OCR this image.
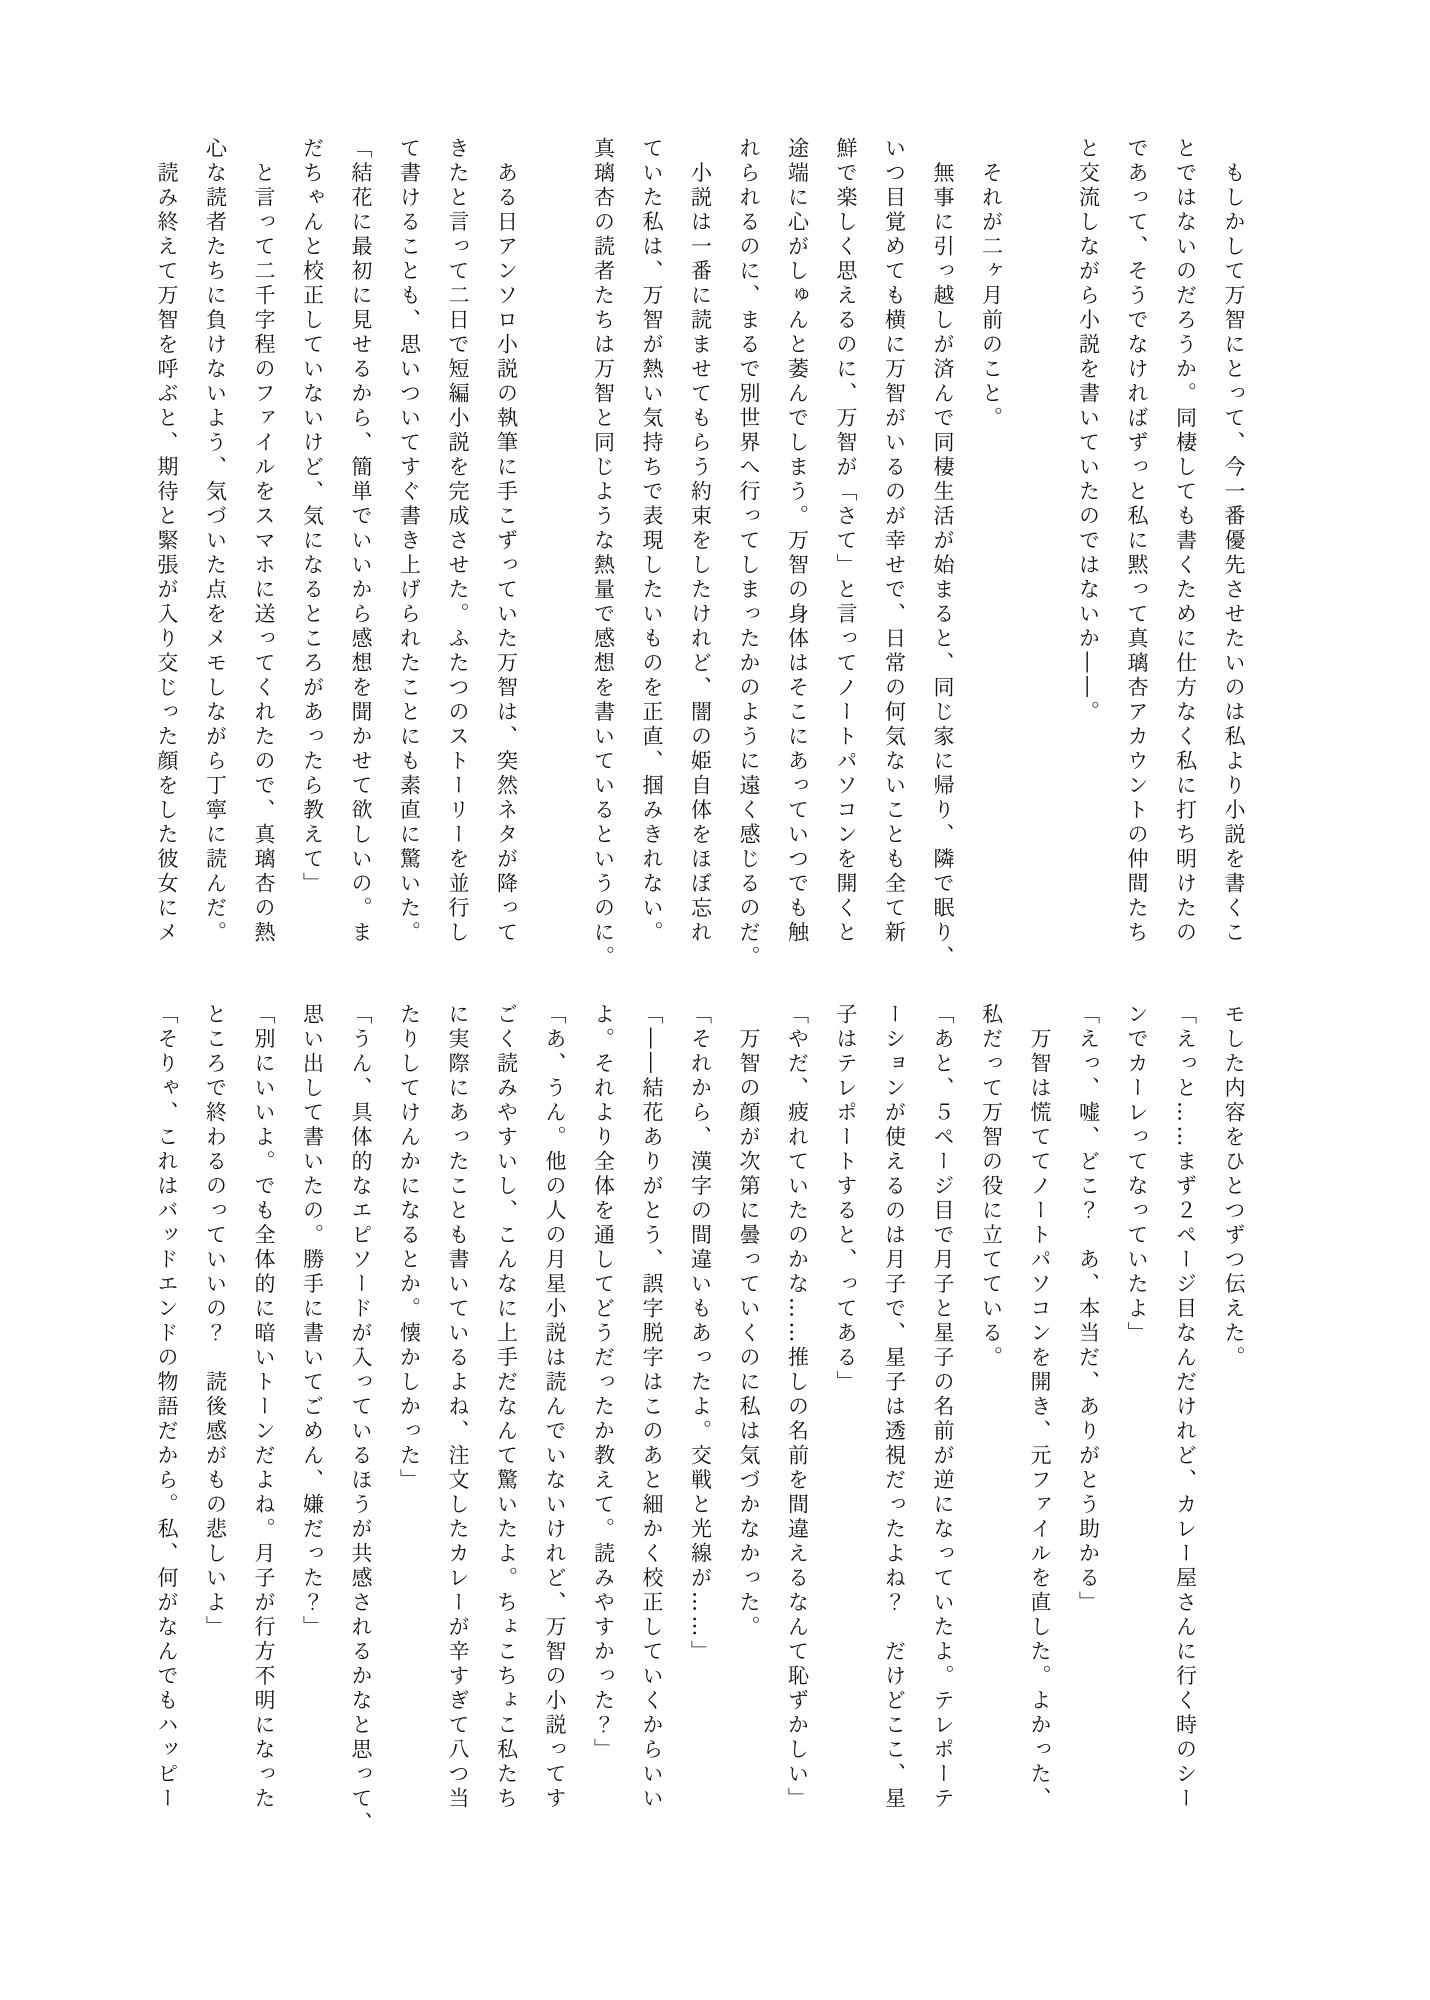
　もしかして万智にとって、今一番優先させたいのは私より小説を書くこ ​
とではないのだろうか。同棲しても書くために仕方なく私に打ち明けたの ​
であって、そうでなければずっと私に黙って真璃杏アカウントの仲間たち ​
と交流しながら小説を書いていたのではないか――。 ​
​
　それが二ヶ月前のこと。 ​
　無事に引っ越しが済んで同棲生活が始まると、同じ家に帰り、隣で眠り、 ​
いつ目覚めても横に万智がいるのが幸せで、日常の何気ないことも全て新 ​
鮮で楽しく思えるのに、万智が「さて」と言ってノートパソコンを開くと ​
途端に心がしゅんと萎んでしまう。万智の身体はそこにあっていつでも触 ​
れられるのに、まるで別世界へ行ってしまったかのように遠く感じるのだ。 ​
　小説は一番に読ませてもらう約束をしたけれど、闇の姫自体をほぼ忘れ ​
ていた私は、万智が熱い気持ちで表現したいものを正直、掴みきれない。 ​
真璃杏の読者たちは万智と同じような熱量で感想を書いているというのに。 ​
​
　ある日アンソロ小説の執筆に手こずっていた万智は、突然ネタが降って ​
きたと言って二日で短編小説を完成させた。ふたつのストーリーを並行し ​
て書けることも、思いついてすぐ書き上げられたことにも素直に驚いた。 ​
「結花に最初に見せるから、簡単でいいから感想を聞かせて欲しいの。ま ​
だちゃんと校正していないけど、気になるところがあったら教えて」 ​
　と言って二千字程のファイルをスマホに送ってくれたので、真璃杏の熱 ​
心な読者たちに負けないよう、気づいた点をメモしながら丁寧に読んだ。 ​
　読み終えて万智を呼ぶと、期待と緊張が入り交じった顔をした彼女にメ ​
モした内容をひとつずつ伝えた。 ​
「えっと……まず２ページ目なんだけれど、カレー屋さんに行く時のシー ​
ンでカーレってなっていたよ」 ​
「えっ、嘘、どこ？　あ、本当だ、ありがとう助かる」 ​
　万智は慌ててノートパソコンを開き、元ファイルを直した。よかった、 ​
私だって万智の役に立てている。 ​
「あと、５ページ目で月子と星子の名前が逆になっていたよ。テレポーテ ​
ーションが使えるのは月子で、星子は透視だったよね？　だけどここ、星 ​
子はテレポートすると、ってある」 ​
「やだ、疲れていたのかな……推しの名前を間違えるなんて恥ずかしい」 ​
　万智の顔が次第に曇っていくのに私は気づかなかった。 ​
「それから、漢字の間違いもあったよ。交戦と光線が……」 ​
「――結花ありがとう、誤字脱字はこのあと細かく校正していくからいい ​
よ。それより全体を通してどうだったか教えて。読みやすかった？」 ​
「あ、うん。他の人の月星小説は読んでいないけれど、万智の小説ってす ​
ごく読みやすいし、こんなに上手だなんて驚いたよ。ちょこちょこ私たち ​
に実際にあったことも書いているよね、注文したカレーが辛すぎて八つ当 ​
たりしてけんかになるとか。懐かしかった」 ​
「うん、具体的なエピソードが入っているほうが共感されるかなと思って、 ​
思い出して書いたの。勝手に書いてごめん、嫌だった？」 ​
「別にいいよ。でも全体的に暗いトーンだよね。月子が行方不明になった ​
ところで終わるのっていいの？　読後感がもの悲しいよ」 ​
「そりゃ、これはバッドエンドの物語だから。私、何がなんでもハッピー ​
